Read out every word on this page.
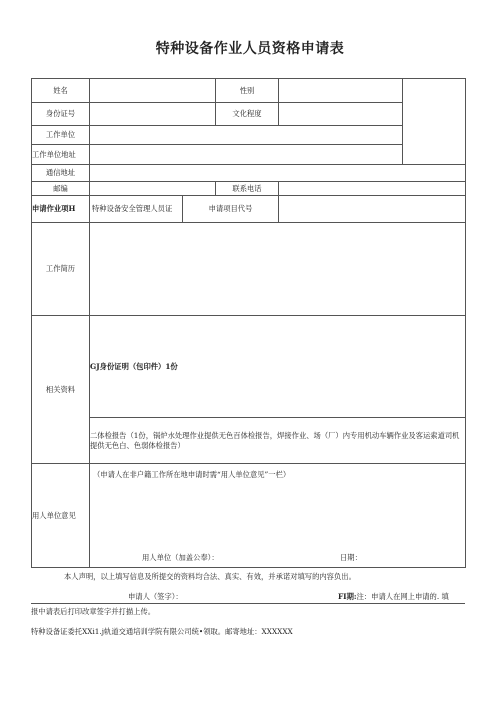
特种设备作业人员资格申请表
姓名			性别		
身份证号			文化程度		
工作单位					
工作单位地址					
通信地址					
邮编			联系电话		
申请作业项H	特种设备安全管理人员证	申请项目代号			
工作简历					
相关资料	GJ身份证明（包印件）1份				
	二体检报告（1份，锅炉水处理作业提供无色百体检报告，焊接作业、场（厂）内专用机动车辆作业及客运索道司机提供无色白、色弱体检报告）				
用人单位意见	（申请人在非户籍工作所在地申请时需“用人单位意见”一栏）
用人单位（加盖公奉）： 日期：				
本人声明，以上填写信息及所提交的资料均合法、真实、有效，并承诺对填写的内容负出。
申请人（签字）：	FI期:注：申请人在网上申请的. 填
报中请表后打印改章签字并打描上传。
特种设备证委托XXi1.j轨道交通培训学院有限公司统•领取。邮寄地址：XXXXXX
